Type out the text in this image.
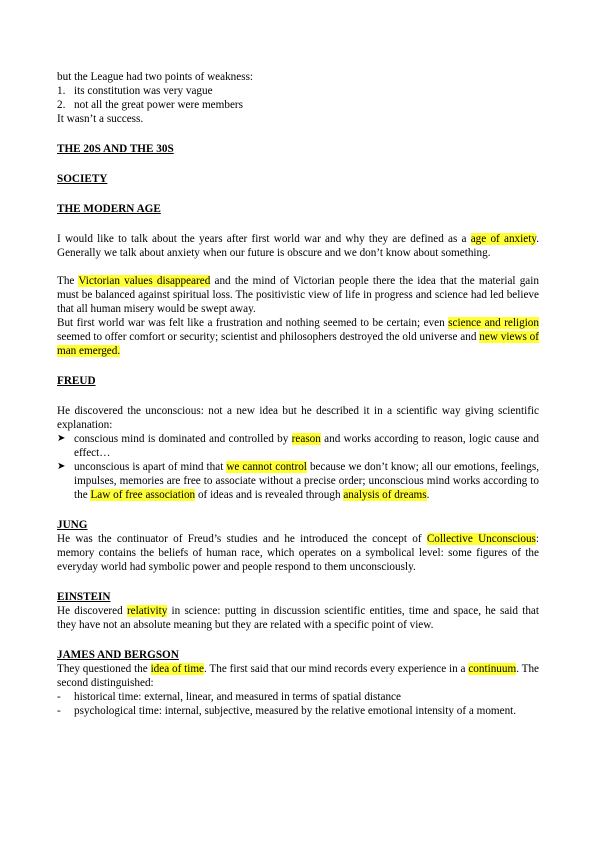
but the League had two points of weakness:

1. its constitution was very vague
2. not all the great power were members

It wasn’t a success.

THE 20S AND THE 30S

SOCIETY

THE MODERN AGE

I would like to talk about the years after first world war and why they are defined as a age of anxiety. Generally we talk about anxiety when our future is obscure and we don’t know about something.

The Victorian values disappeared and the mind of Victorian people there the idea that the material gain must be balanced against spiritual loss. The positivistic view of life in progress and science had led believe that all human misery would be swept away.

But first world war was felt like a frustration and nothing seemed to be certain; even science and religion seemed to offer comfort or security; scientist and philosophers destroyed the old universe and new views of man emerged.

FREUD

He discovered the unconscious: not a new idea but he described it in a scientific way giving scientific explanation:

➤ conscious mind is dominated and controlled by reason and works according to reason, logic cause and effect…
➤ unconscious is apart of mind that we cannot control because we don’t know; all our emotions, feelings, impulses, memories are free to associate without a precise order; unconscious mind works according to the Law of free association of ideas and is revealed through analysis of dreams.

JUNG

He was the continuator of Freud’s studies and he introduced the concept of Collective Unconscious: memory contains the beliefs of human race, which operates on a symbolical level: some figures of the everyday world had symbolic power and people respond to them unconsciously.

EINSTEIN

He discovered relativity in science: putting in discussion scientific entities, time and space, he said that they have not an absolute meaning but they are related with a specific point of view.

JAMES AND BERGSON

They questioned the idea of time. The first said that our mind records every experience in a continuum. The second distinguished:

- historical time: external, linear, and measured in terms of spatial distance
- psychological time: internal, subjective, measured by the relative emotional intensity of a moment.
